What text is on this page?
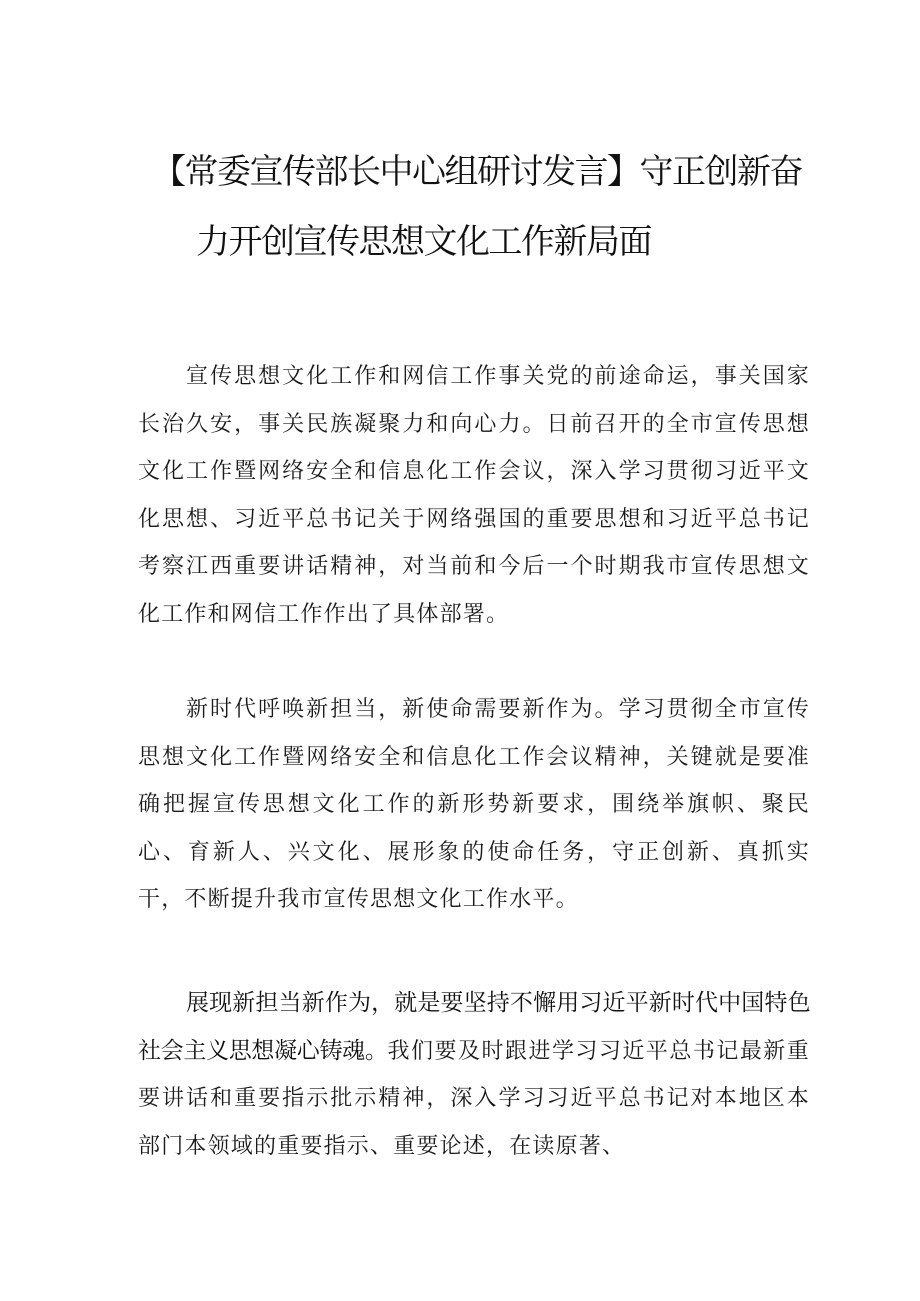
【常委宣传部长中心组研讨发言】守正创新奋
力开创宣传思想文化工作新局面
宣传思想文化工作和网信工作事关党的前途命运，事关国家长治久安，事关民族凝聚力和向心力。日前召开的全市宣传思想文化工作暨网络安全和信息化工作会议，深入学习贯彻习近平文化思想、习近平总书记关于网络强国的重要思想和习近平总书记考察江西重要讲话精神，对当前和今后一个时期我市宣传思想文化工作和网信工作作出了具体部署。
新时代呼唤新担当，新使命需要新作为。学习贯彻全市宣传思想文化工作暨网络安全和信息化工作会议精神，关键就是要准确把握宣传思想文化工作的新形势新要求，围绕举旗帜、聚民心、育新人、兴文化、展形象的使命任务，守正创新、真抓实干，不断提升我市宣传思想文化工作水平。
展现新担当新作为，就是要坚持不懈用习近平新时代中国特色社会主义思想凝心铸魂。我们要及时跟进学习习近平总书记最新重要讲话和重要指示批示精神，深入学习习近平总书记对本地区本部门本领域的重要指示、重要论述，在读原著、
